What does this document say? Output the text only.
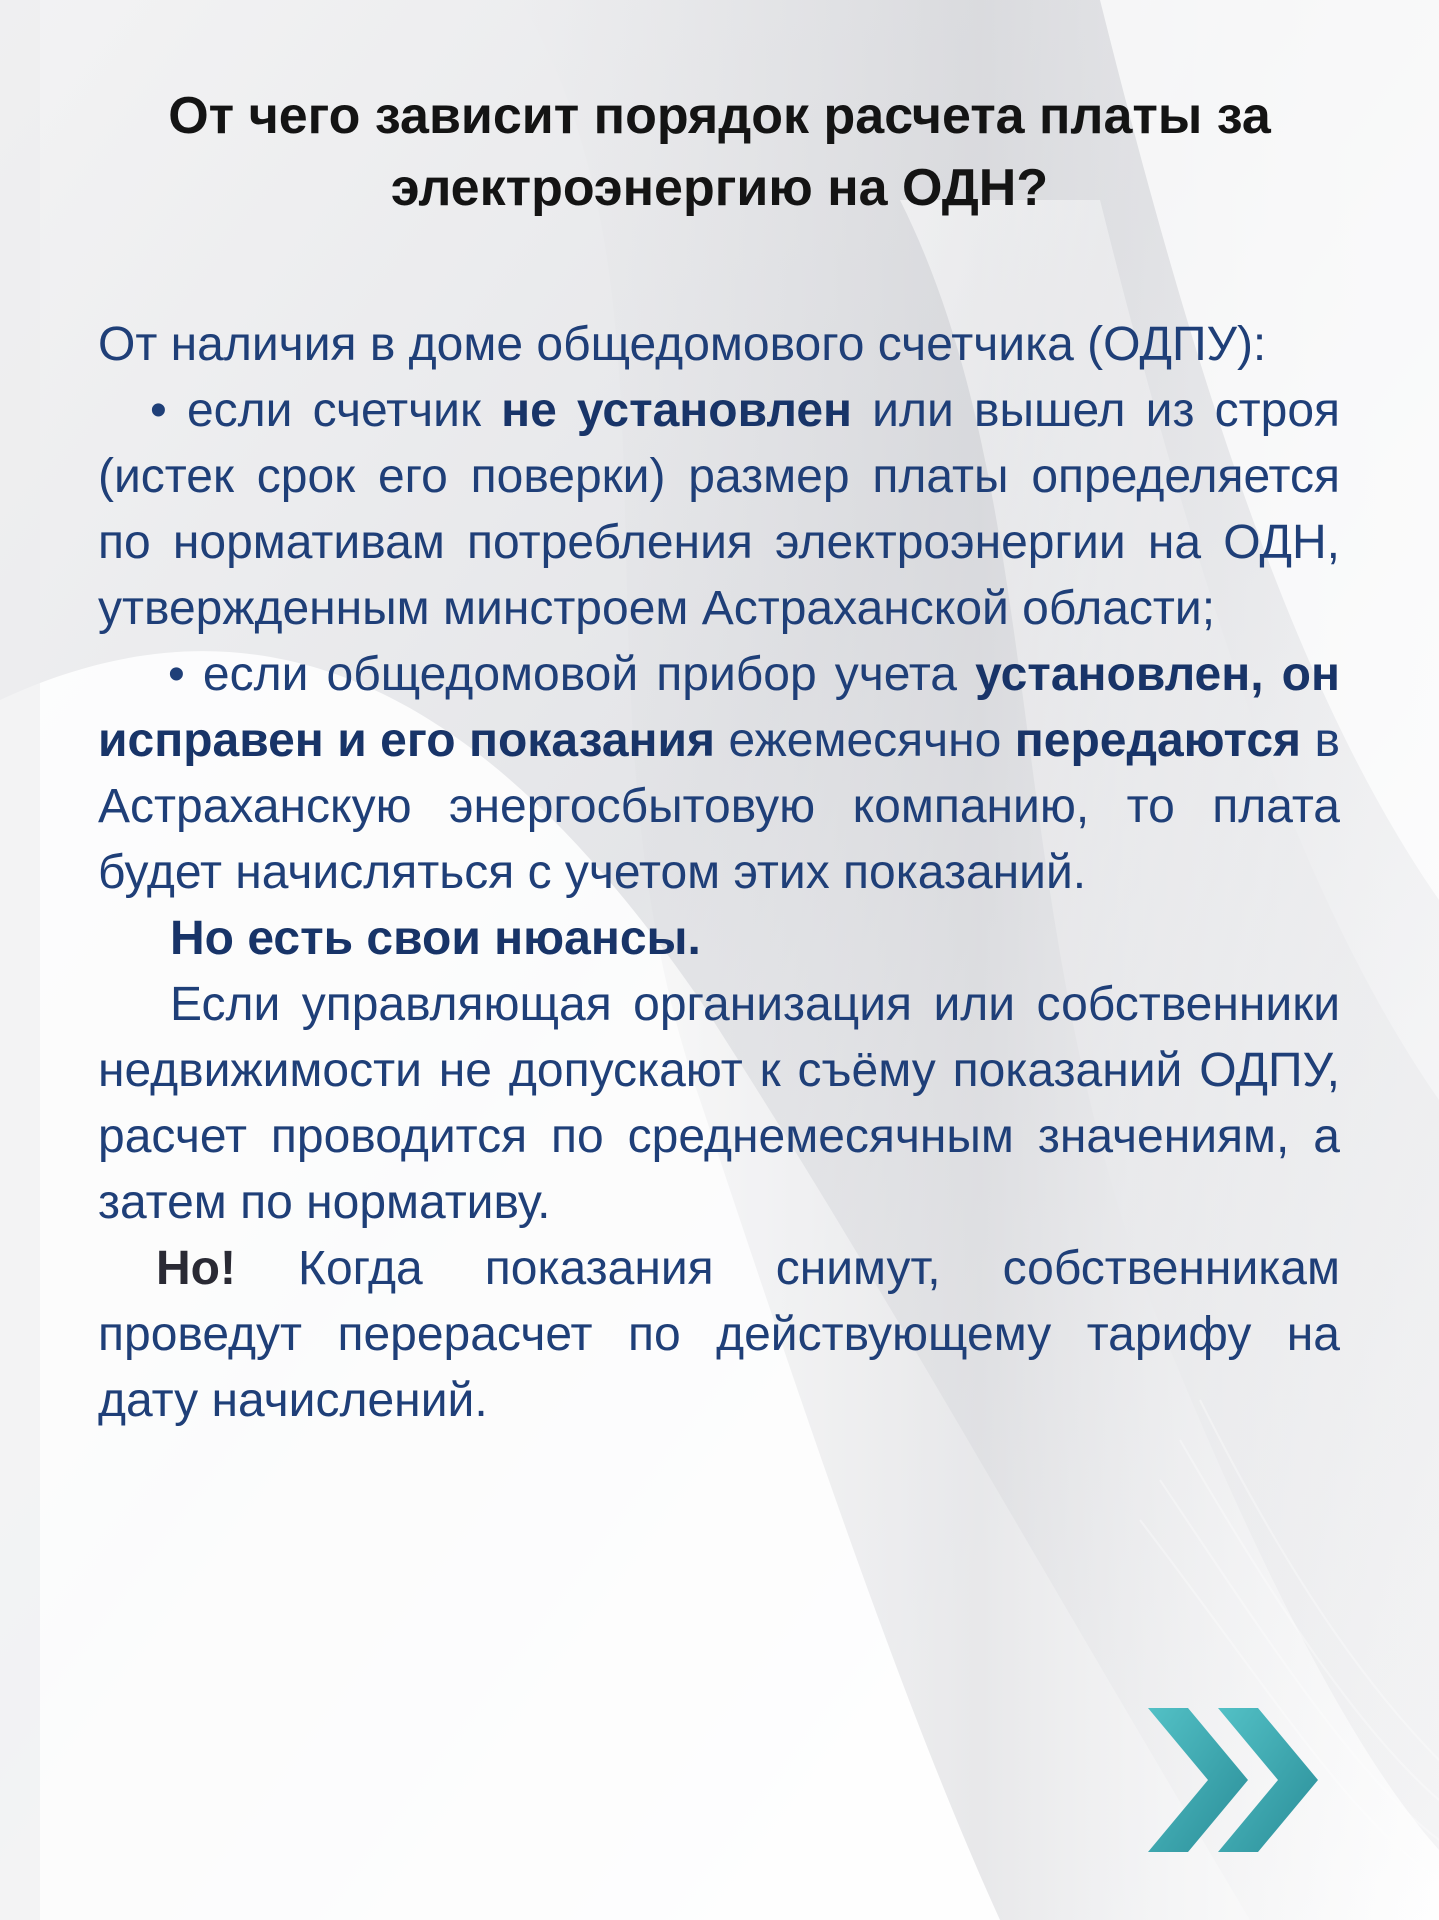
От чего зависит порядок расчета платы за электроэнергию на ОДН?

От наличия в доме общедомового счетчика (ОДПУ):

• если счетчик не установлен или вышел из строя (истек срок его поверки) размер платы определяется по нормативам потребления электроэнергии на ОДН, утвержденным минстроем Астраханской области;

• если общедомовой прибор учета установлен, он исправен и его показания ежемесячно передаются в Астраханскую энергосбытовую компанию, то плата будет начисляться с учетом этих показаний.

Но есть свои нюансы.

Если управляющая организация или собственники недвижимости не допускают к съёму показаний ОДПУ, расчет проводится по среднемесячным значениям, а затем по нормативу.

Но! Когда показания снимут, собственникам проведут перерасчет по действующему тарифу на дату начислений.
